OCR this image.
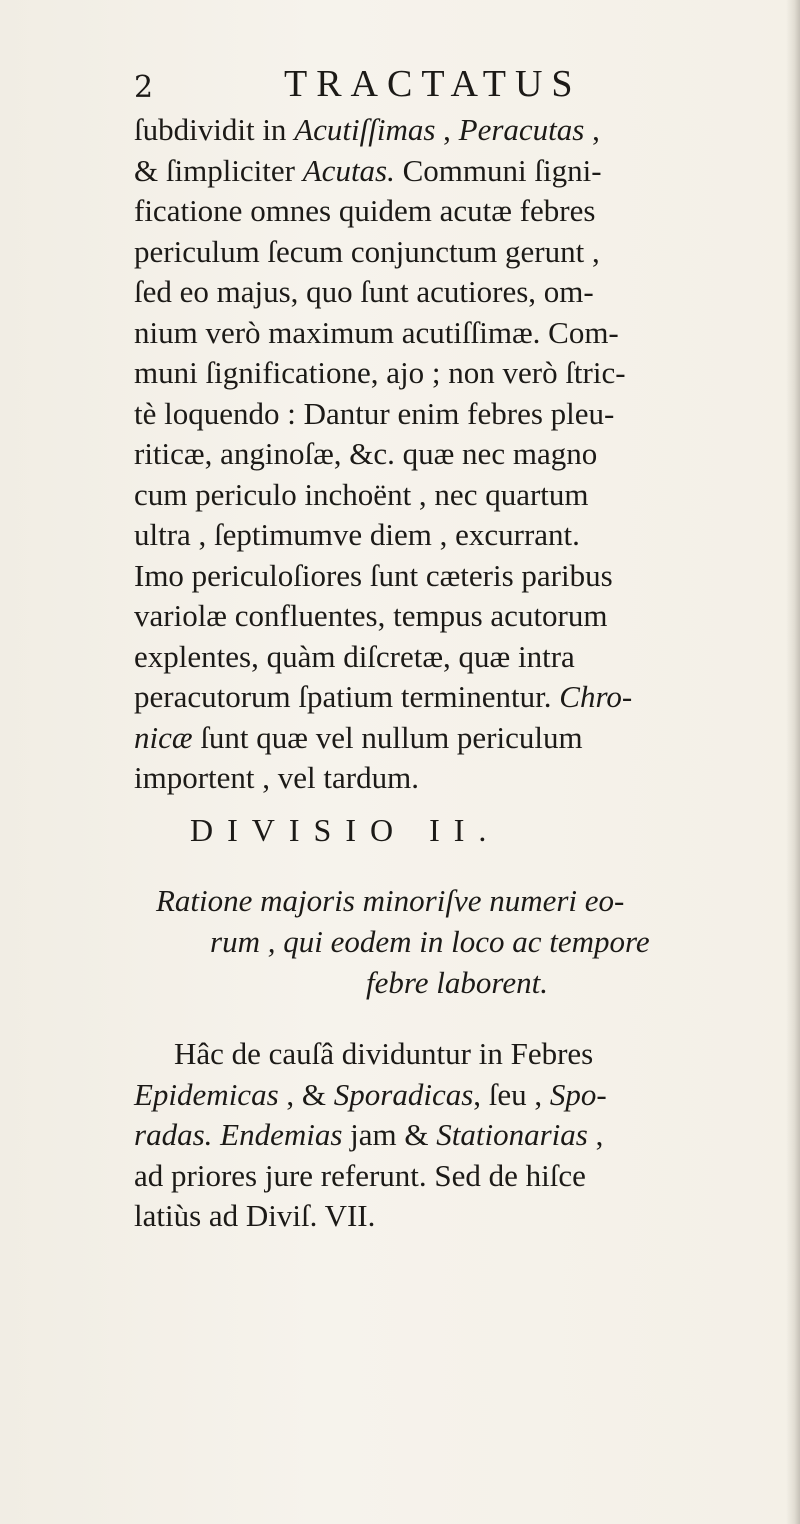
2	TRACTATUS
ſubdividit in Acutiſſimas , Peracutas ,
& ſimpliciter Acutas. Communi ſigni-
ficatione omnes quidem acutæ febres
periculum ſecum conjunctum gerunt ,
ſed eo majus, quo ſunt acutiores, om-
nium verò maximum acutiſſimæ. Com-
muni ſignificatione, ajo ; non verò ſtric-
tè loquendo : Dantur enim febres pleu-
riticæ, anginoſæ, &c. quæ nec magno
cum periculo inchoënt , nec quartum
ultra , ſeptimumve diem , excurrant.
Imo periculoſiores ſunt cæteris paribus
variolæ confluentes, tempus acutorum
explentes, quàm diſcretæ, quæ intra
peracutorum ſpatium terminentur. Chro-
nicæ ſunt quæ vel nullum periculum
importent , vel tardum.
DIVISIO II.
Ratione majoris minoriſve numeri eo-
rum , qui eodem in loco ac tempore
febre laborent.
Hâc de cauſâ dividuntur in Febres
Epidemicas , & Sporadicas, ſeu , Spo-
radas. Endemias jam & Stationarias ,
ad priores jure referunt. Sed de hiſce
latiùs ad Diviſ. VII.
